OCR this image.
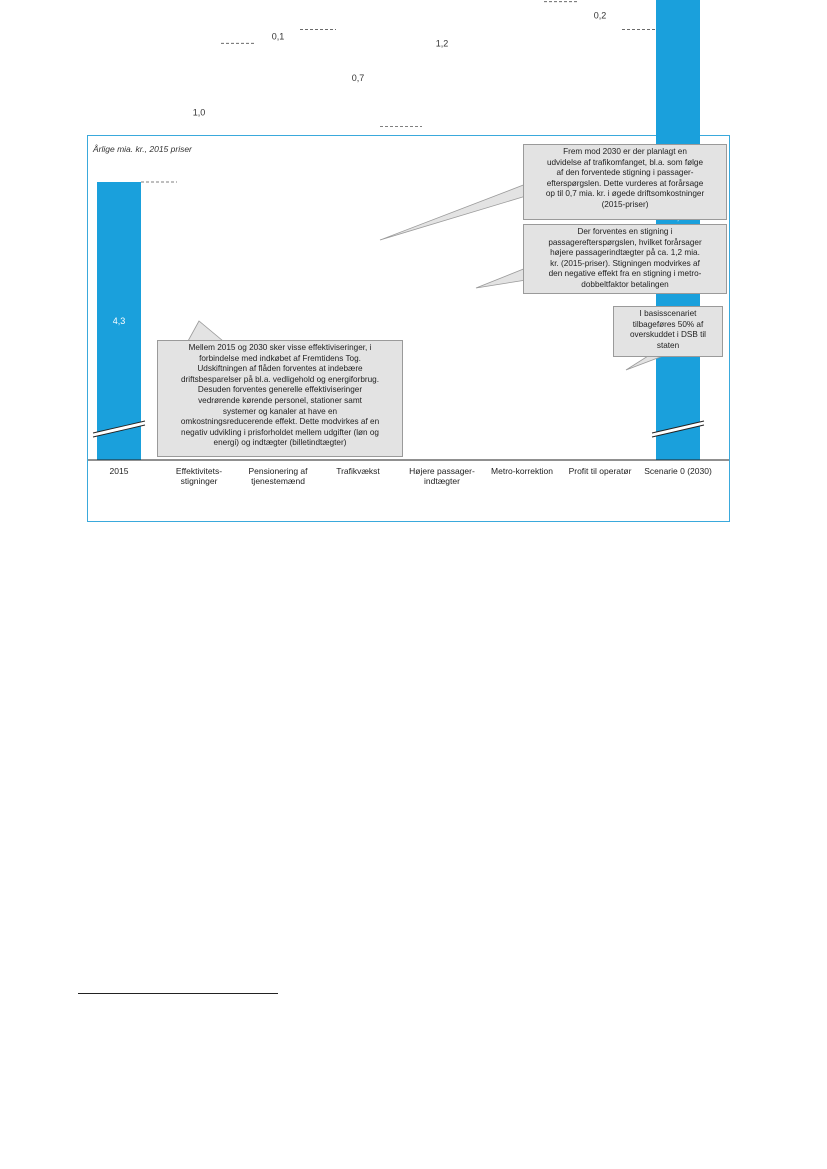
Årlige mia. kr., 2015 priser
4,3
1,0
0,1
0,7
1,2
0,2
2015	Effektivitets-
stigninger
Pensionering af
tjenestemænd
Trafikvækst	Højere passager-
indtægter
Metro-korrektion Profit til operatør Scenarie 0 (2030)
Mellem 2015 og 2030 sker visse effektiviseringer, i
forbindelse med indkøbet af Fremtidens Tog.
Udskiftningen af flåden forventes at indebære
driftsbesparelser på bl.a. vedligehold og energiforbrug.
Desuden forventes generelle effektiviseringer
vedrørende kørende personel, stationer samt
systemer og kanaler at have en
omkostningsreducerende effekt. Dette modvirkes af en
negativ udvikling i prisforholdet mellem udgifter (løn og
energi) og indtægter (billetindtægter)
Frem mod 2030 er der planlagt en
udvidelse af trafikomfanget, bl.a. som følge
af den forventede stigning i passager-
efterspørgslen. Dette vurderes at forårsage
op til 0,7 mia. kr. i øgede driftsomkostninger
(2015-priser)
Der forventes en stigning i
passagerefterspørgslen, hvilket forårsager
højere passagerindtægter på ca. 1,2 mia.
kr. (2015-priser). Stigningen modvirkes af
den negative effekt fra en stigning i metro-
dobbeltfaktor betalingen
I basisscenariet
tilbageføres 50% af
overskuddet i DSB til
staten
